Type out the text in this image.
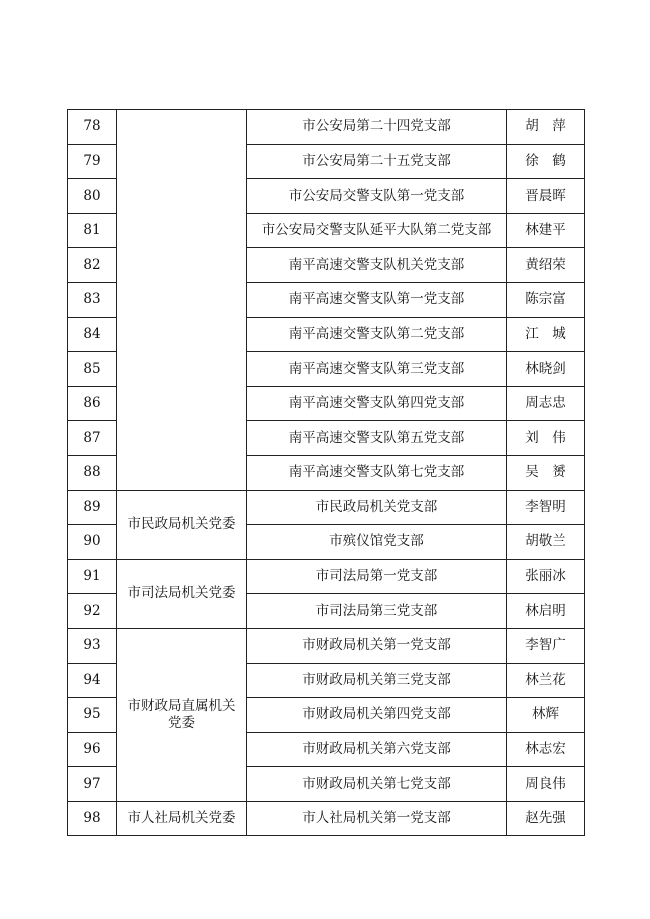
78		市公安局第二十四党支部	胡　萍
79		市公安局第二十五党支部	徐　鹤
80		市公安局交警支队第一党支部	晋晨晖
81		市公安局交警支队延平大队第二党支部	林建平
82		南平高速交警支队机关党支部	黄绍荣
83		南平高速交警支队第一党支部	陈宗富
84		南平高速交警支队第二党支部	江　城
85		南平高速交警支队第三党支部	林晓剑
86		南平高速交警支队第四党支部	周志忠
87		南平高速交警支队第五党支部	刘　伟
88		南平高速交警支队第七党支部	吴　赟
89	市民政局机关党委	市民政局机关党支部	李智明
90		市殡仪馆党支部	胡敬兰
91	市司法局机关党委	市司法局第一党支部	张丽冰
92		市司法局第三党支部	林启明
93	市财政局直属机关党委	市财政局机关第一党支部	李智广
94		市财政局机关第三党支部	林兰花
95		市财政局机关第四党支部	林辉
96		市财政局机关第六党支部	林志宏
97		市财政局机关第七党支部	周良伟
98	市人社局机关党委	市人社局机关第一党支部	赵先强
